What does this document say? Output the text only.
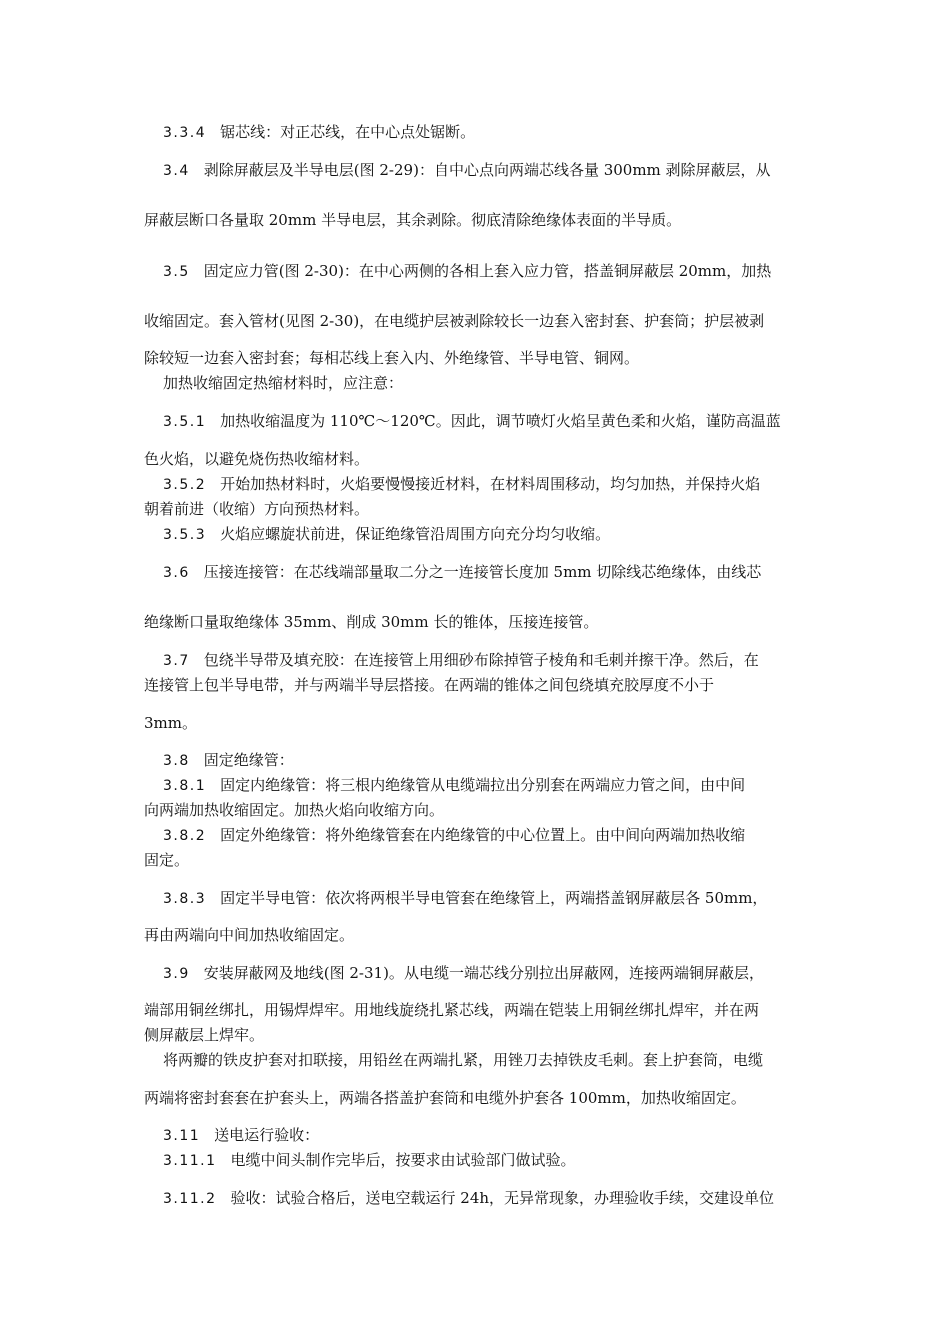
3.3.4 锯芯线：对正芯线，在中心点处锯断。
3.4 剥除屏蔽层及半导电层(图 2-29)：自中心点向两端芯线各量 300mm 剥除屏蔽层，从
屏蔽层断口各量取 20mm 半导电层，其余剥除。彻底清除绝缘体表面的半导质。
3.5 固定应力管(图 2-30)：在中心两侧的各相上套入应力管，搭盖铜屏蔽层 20mm，加热
收缩固定。套入管材(见图 2-30)，在电缆护层被剥除较长一边套入密封套、护套筒；护层被剥
除较短一边套入密封套；每相芯线上套入内、外绝缘管、半导电管、铜网。
加热收缩固定热缩材料时，应注意：
3.5.1 加热收缩温度为 110℃～120℃。因此，调节喷灯火焰呈黄色柔和火焰，谨防高温蓝
色火焰，以避免烧伤热收缩材料。
3.5.2 开始加热材料时，火焰要慢慢接近材料，在材料周围移动，均匀加热，并保持火焰
朝着前进（收缩）方向预热材料。
3.5.3 火焰应螺旋状前进，保证绝缘管沿周围方向充分均匀收缩。
3.6 压接连接管：在芯线端部量取二分之一连接管长度加 5mm 切除线芯绝缘体，由线芯
绝缘断口量取绝缘体 35mm、削成 30mm 长的锥体，压接连接管。
3.7 包绕半导带及填充胶：在连接管上用细砂布除掉管子棱角和毛刺并擦干净。然后，在
连接管上包半导电带，并与两端半导层搭接。在两端的锥体之间包绕填充胶厚度不小于
3mm。
3.8 固定绝缘管：
3.8.1 固定内绝缘管：将三根内绝缘管从电缆端拉出分别套在两端应力管之间，由中间
向两端加热收缩固定。加热火焰向收缩方向。
3.8.2 固定外绝缘管：将外绝缘管套在内绝缘管的中心位置上。由中间向两端加热收缩
固定。
3.8.3 固定半导电管：依次将两根半导电管套在绝缘管上，两端搭盖钢屏蔽层各 50mm，
再由两端向中间加热收缩固定。
3.9 安装屏蔽网及地线(图 2-31)。从电缆一端芯线分别拉出屏蔽网，连接两端铜屏蔽层，
端部用铜丝绑扎，用锡焊焊牢。用地线旋绕扎紧芯线，两端在铠装上用铜丝绑扎焊牢，并在两
侧屏蔽层上焊牢。
将两瓣的铁皮护套对扣联接，用铅丝在两端扎紧，用锉刀去掉铁皮毛刺。套上护套筒，电缆
两端将密封套套在护套头上，两端各搭盖护套筒和电缆外护套各 100mm，加热收缩固定。
3.11 送电运行验收：
3.11.1 电缆中间头制作完毕后，按要求由试验部门做试验。
3.11.2 验收：试验合格后，送电空载运行 24h，无异常现象，办理验收手续，交建设单位
